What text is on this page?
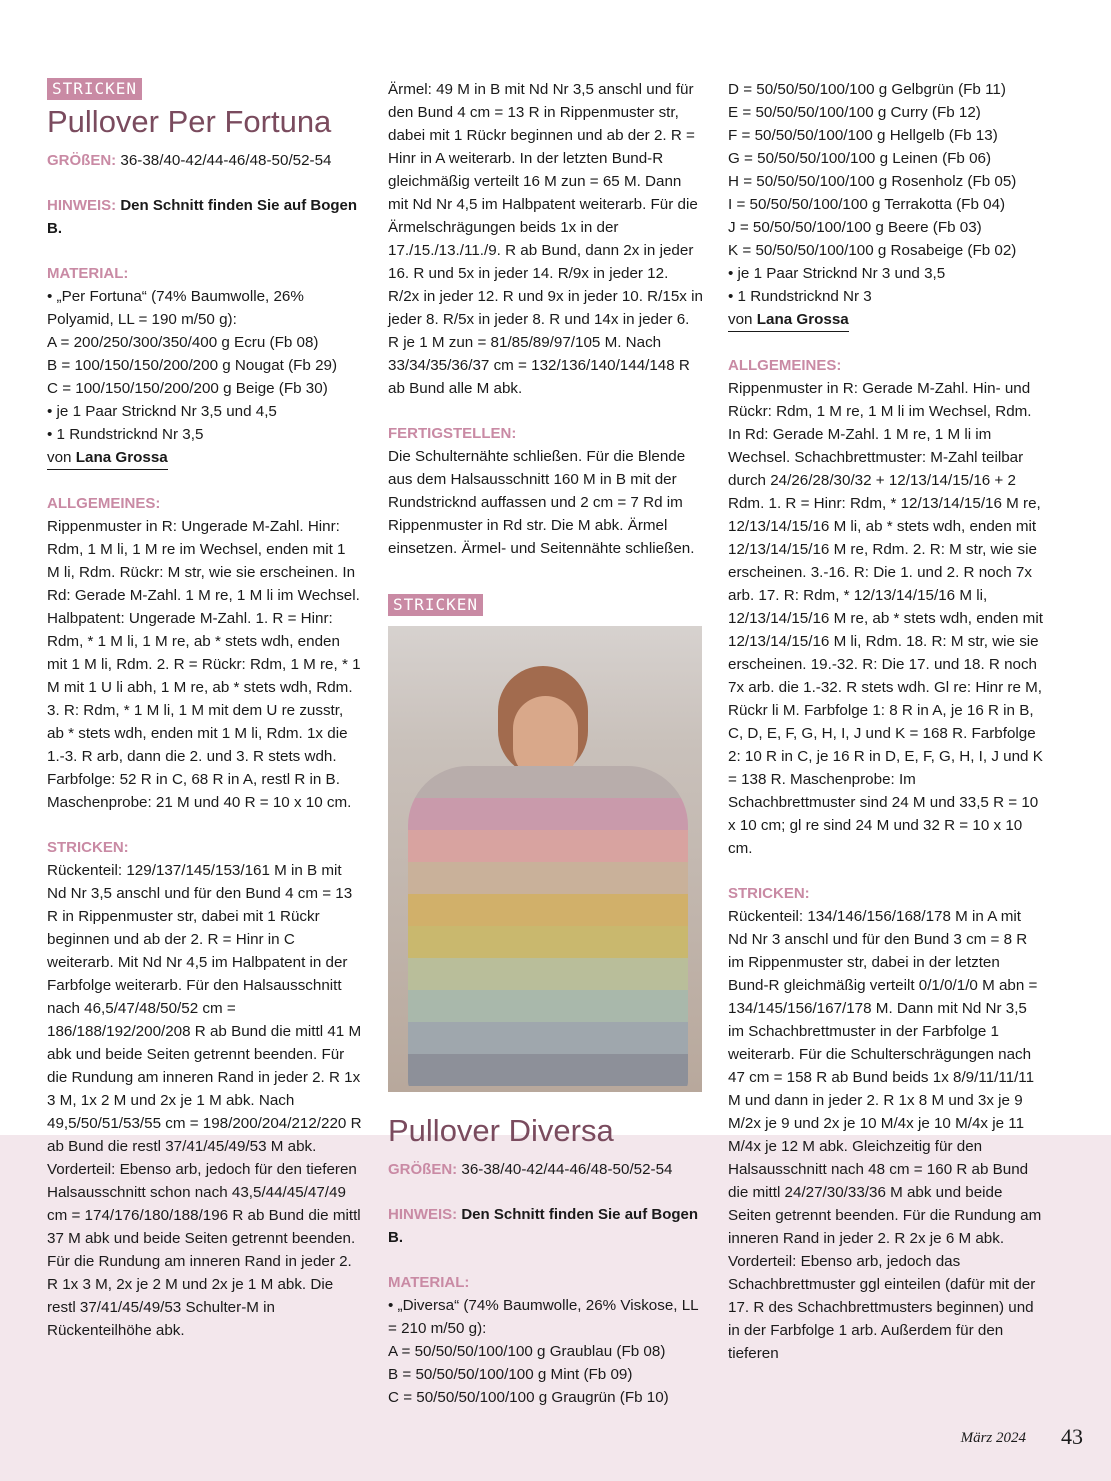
STRICKEN
Pullover Per Fortuna

GRÖßEN: 36-38/40-42/44-46/48-50/52-54

HINWEIS: Den Schnitt finden Sie auf Bogen B.
MATERIAL:

• „Per Fortuna“ (74% Baumwolle, 26% Polyamid, LL = 190 m/50 g):

A = 200/250/300/350/400 g Ecru (Fb 08)

B = 100/150/150/200/200 g Nougat (Fb 29)

C = 100/150/150/200/200 g Beige (Fb 30)

• je 1 Paar Stricknd Nr 3,5 und 4,5

• 1 Rundstricknd Nr 3,5

von Lana Grossa

ALLGEMEINES:

Rippenmuster in R: Ungerade M-Zahl. Hinr: Rdm, 1 M li, 1 M re im Wechsel, enden mit 1 M li, Rdm. Rückr: M str, wie sie erscheinen. In Rd: Gerade M-Zahl. 1 M re, 1 M li im Wechsel. Halbpatent: Ungerade M-Zahl. 1. R = Hinr: Rdm, * 1 M li, 1 M re, ab * stets wdh, enden mit 1 M li, Rdm. 2. R = Rückr: Rdm, 1 M re, * 1 M mit 1 U li abh, 1 M re, ab * stets wdh, Rdm. 3. R: Rdm, * 1 M li, 1 M mit dem U re zusstr, ab * stets wdh, enden mit 1 M li, Rdm. 1x die 1.-3. R arb, dann die 2. und 3. R stets wdh. Farbfolge: 52 R in C, 68 R in A, restl R in B. Maschenprobe: 21 M und 40 R = 10 x 10 cm.

STRICKEN:

Rückenteil: 129/137/145/153/161 M in B mit Nd Nr 3,5 anschl und für den Bund 4 cm = 13 R in Rippenmuster str, dabei mit 1 Rückr beginnen und ab der 2. R = Hinr in C weiterarb. Mit Nd Nr 4,5 im Halbpatent in der Farbfolge weiterarb. Für den Halsausschnitt nach 46,5/47/48/50/52 cm = 186/188/192/200/208 R ab Bund die mittl 41 M abk und beide Seiten getrennt beenden. Für die Rundung am inneren Rand in jeder 2. R 1x 3 M, 1x 2 M und 2x je 1 M abk. Nach 49,5/50/51/53/55 cm = 198/200/204/212/220 R ab Bund die restl 37/41/45/49/53 M abk. Vorderteil: Ebenso arb, jedoch für den tieferen Halsausschnitt schon nach 43,5/44/45/47/49 cm = 174/176/180/188/196 R ab Bund die mittl 37 M abk und beide Seiten getrennt beenden. Für die Rundung am inneren Rand in jeder 2. R 1x 3 M, 2x je 2 M und 2x je 1 M abk. Die restl 37/41/45/49/53 Schulter-M in Rückenteilhöhe abk.

Ärmel: 49 M in B mit Nd Nr 3,5 anschl und für den Bund 4 cm = 13 R in Rippenmuster str, dabei mit 1 Rückr beginnen und ab der 2. R = Hinr in A weiterarb. In der letzten Bund-R gleichmäßig verteilt 16 M zun = 65 M. Dann mit Nd Nr 4,5 im Halbpatent weiterarb. Für die Ärmelschrägungen beids 1x in der 17./15./13./11./9. R ab Bund, dann 2x in jeder 16. R und 5x in jeder 14. R/9x in jeder 12. R/2x in jeder 12. R und 9x in jeder 10. R/15x in jeder 8. R/5x in jeder 8. R und 14x in jeder 6. R je 1 M zun = 81/85/89/97/105 M. Nach 33/34/35/36/37 cm = 132/136/140/144/148 R ab Bund alle M abk.

FERTIGSTELLEN:

Die Schulternähte schließen. Für die Blende aus dem Halsausschnitt 160 M in B mit der Rundstricknd auffassen und 2 cm = 7 Rd im Rippenmuster in Rd str. Die M abk. Ärmel einsetzen. Ärmel- und Seitennähte schließen.

STRICKEN
Pullover Diversa

GRÖßEN: 36-38/40-42/44-46/48-50/52-54

HINWEIS: Den Schnitt finden Sie auf Bogen B.
MATERIAL:

• „Diversa“ (74% Baumwolle, 26% Viskose, LL = 210 m/50 g):

A = 50/50/50/100/100 g Graublau (Fb 08)

B = 50/50/50/100/100 g Mint (Fb 09)

C = 50/50/50/100/100 g Graugrün (Fb 10)

D = 50/50/50/100/100 g Gelbgrün (Fb 11)

E = 50/50/50/100/100 g Curry (Fb 12)

F = 50/50/50/100/100 g Hellgelb (Fb 13)

G = 50/50/50/100/100 g Leinen (Fb 06)

H = 50/50/50/100/100 g Rosenholz (Fb 05)

I = 50/50/50/100/100 g Terrakotta (Fb 04)

J = 50/50/50/100/100 g Beere (Fb 03)

K = 50/50/50/100/100 g Rosabeige (Fb 02)

• je 1 Paar Stricknd Nr 3 und 3,5

• 1 Rundstricknd Nr 3

von Lana Grossa

ALLGEMEINES:

Rippenmuster in R: Gerade M-Zahl. Hin- und Rückr: Rdm, 1 M re, 1 M li im Wechsel, Rdm. In Rd: Gerade M-Zahl. 1 M re, 1 M li im Wechsel. Schachbrettmuster: M-Zahl teilbar durch 24/26/28/30/32 + 12/13/14/15/16 + 2 Rdm. 1. R = Hinr: Rdm, * 12/13/14/15/16 M re, 12/13/14/15/16 M li, ab * stets wdh, enden mit 12/13/14/15/16 M re, Rdm. 2. R: M str, wie sie erscheinen. 3.-16. R: Die 1. und 2. R noch 7x arb. 17. R: Rdm, * 12/13/14/15/16 M li, 12/13/14/15/16 M re, ab * stets wdh, enden mit 12/13/14/15/16 M li, Rdm. 18. R: M str, wie sie erscheinen. 19.-32. R: Die 17. und 18. R noch 7x arb. die 1.-32. R stets wdh. Gl re: Hinr re M, Rückr li M. Farbfolge 1: 8 R in A, je 16 R in B, C, D, E, F, G, H, I, J und K = 168 R. Farbfolge 2: 10 R in C, je 16 R in D, E, F, G, H, I, J und K = 138 R. Maschenprobe: Im Schachbrettmuster sind 24 M und 33,5 R = 10 x 10 cm; gl re sind 24 M und 32 R = 10 x 10 cm.

STRICKEN:

Rückenteil: 134/146/156/168/178 M in A mit Nd Nr 3 anschl und für den Bund 3 cm = 8 R im Rippenmuster str, dabei in der letzten Bund-R gleichmäßig verteilt 0/1/0/1/0 M abn = 134/145/156/167/178 M. Dann mit Nd Nr 3,5 im Schachbrettmuster in der Farbfolge 1 weiterarb. Für die Schulterschrägungen nach 47 cm = 158 R ab Bund beids 1x 8/9/11/11/11 M und dann in jeder 2. R 1x 8 M und 3x je 9 M/2x je 9 und 2x je 10 M/4x je 10 M/4x je 11 M/4x je 12 M abk. Gleichzeitig für den Halsausschnitt nach 48 cm = 160 R ab Bund die mittl 24/27/30/33/36 M abk und beide Seiten getrennt beenden. Für die Rundung am inneren Rand in jeder 2. R 2x je 6 M abk. Vorderteil: Ebenso arb, jedoch das Schachbrettmuster ggl einteilen (dafür mit der 17. R des Schachbrettmusters beginnen) und in der Farbfolge 1 arb. Außerdem für den tieferen

März 2024 43
